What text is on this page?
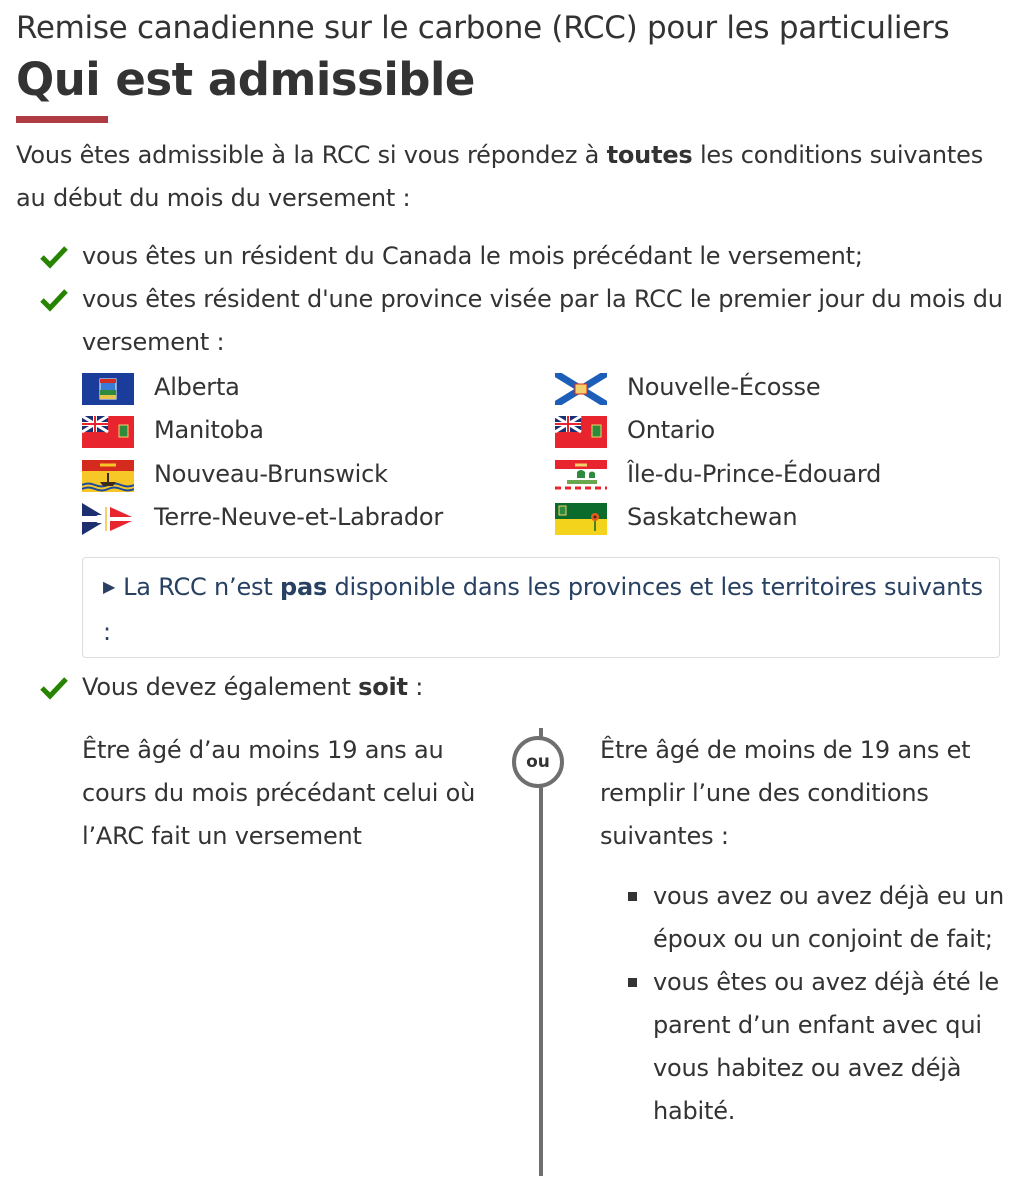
Remise canadienne sur le carbone (RCC) pour les particuliers
Qui est admissible

Vous êtes admissible à la RCC si vous répondez à toutes les conditions suivantes au début du mois du versement :

vous êtes un résident du Canada le mois précédant le versement;
vous êtes résident d'une province visée par la RCC le premier jour du mois du versement :
Alberta
Manitoba
Nouveau-Brunswick
Terre-Neuve-et-Labrador
Nouvelle-Écosse
Ontario
Île-du-Prince-Édouard
Saskatchewan
▶ La RCC n’est pas disponible dans les provinces et les territoires suivants :
Vous devez également soit :
Être âgé d’au moins 19 ans au cours du mois précédant celui où l’ARC fait un versement
ou	Être âgé de moins de 19 ans et remplir l’une des conditions suivantes :
vous avez ou avez déjà eu un époux ou un conjoint de fait;
vous êtes ou avez déjà été le parent d’un enfant avec qui vous habitez ou avez déjà habité.
